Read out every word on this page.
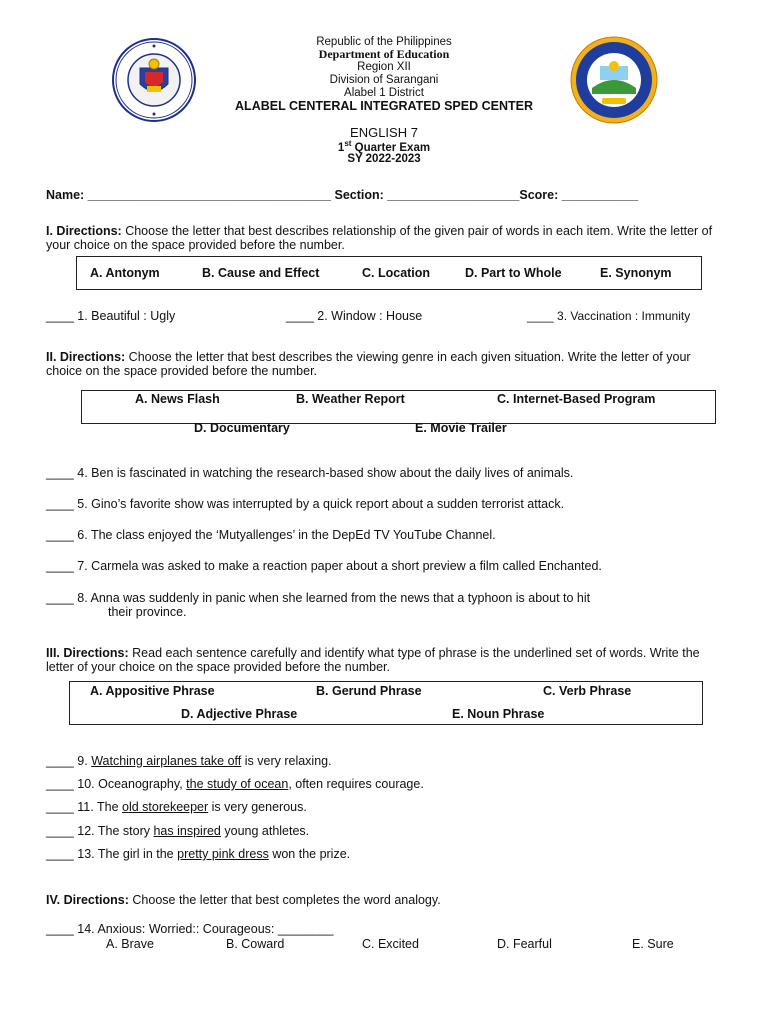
Republic of the Philippines
Department of Education
Region XII
Division of Sarangani
Alabel 1 District
ALABEL CENTERAL INTEGRATED SPED CENTER
ENGLISH 7
1st Quarter Exam
SY 2022-2023
Name: ___________________________________ Section: ___________________Score: ___________
I. Directions: Choose the letter that best describes relationship of the given pair of words in each item. Write the letter of your choice on the space provided before the number.
A. Antonym	B. Cause and Effect	C. Location	D. Part to Whole	E. Synonym
____ 1. Beautiful : Ugly	____ 2. Window : House	____ 3. Vaccination : Immunity
II. Directions: Choose the letter that best describes the viewing genre in each given situation. Write the letter of your choice on the space provided before the number.
A. News Flash	B. Weather Report	C. Internet-Based Program
D. Documentary	E. Movie Trailer
____ 4. Ben is fascinated in watching the research-based show about the daily lives of animals.
____ 5. Gino’s favorite show was interrupted by a quick report about a sudden terrorist attack.
____ 6. The class enjoyed the ‘Mutyallenges’ in the DepEd TV YouTube Channel.
____ 7. Carmela was asked to make a reaction paper about a short preview a film called Enchanted.
____ 8. Anna was suddenly in panic when she learned from the news that a typhoon is about to hit
their province.
III. Directions: Read each sentence carefully and identify what type of phrase is the underlined set of words. Write the letter of your choice on the space provided before the number.
A. Appositive Phrase	B. Gerund Phrase	C. Verb Phrase
D. Adjective Phrase	E. Noun Phrase
____ 9. Watching airplanes take off is very relaxing.
____ 10. Oceanography, the study of ocean, often requires courage.
____ 11. The old storekeeper is very generous.
____ 12. The story has inspired young athletes.
____ 13. The girl in the pretty pink dress won the prize.
IV. Directions: Choose the letter that best completes the word analogy.
____ 14. Anxious: Worried:: Courageous: ________
A. Brave	B. Coward	C. Excited	D. Fearful	E. Sure
